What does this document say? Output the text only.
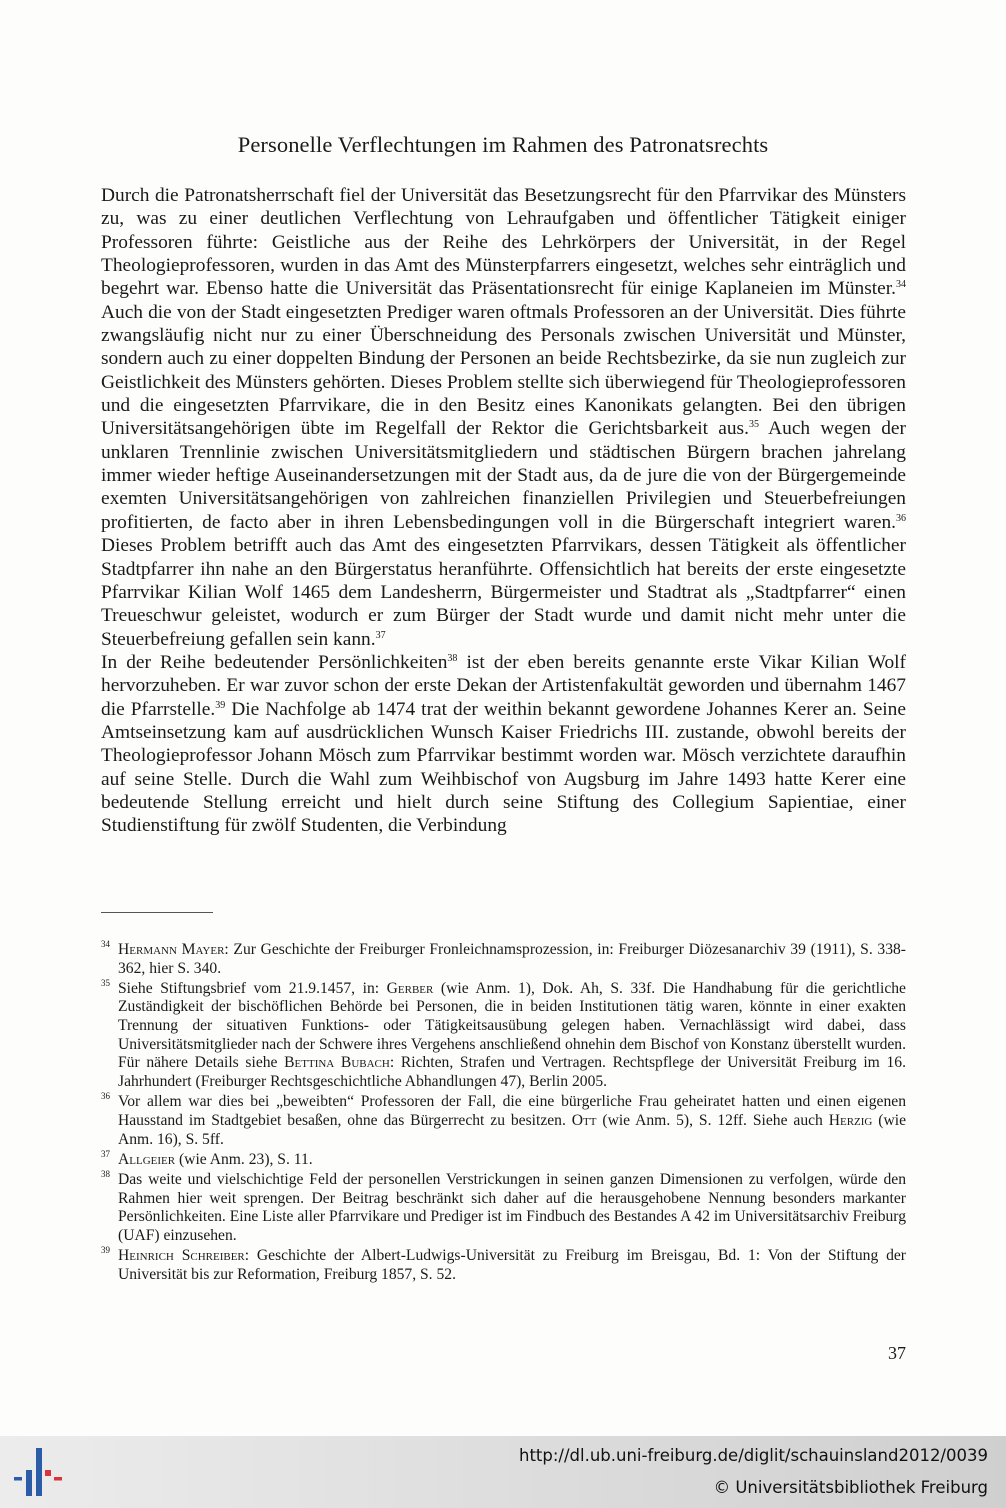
Personelle Verflechtungen im Rahmen des Patronatsrechts

Durch die Patronatsherrschaft fiel der Universität das Besetzungsrecht für den Pfarrvikar des Münsters zu, was zu einer deutlichen Verflechtung von Lehraufgaben und öffentlicher Tätigkeit einiger Professoren führte: Geistliche aus der Reihe des Lehrkörpers der Universität, in der Regel Theologieprofessoren, wurden in das Amt des Münsterpfarrers eingesetzt, welches sehr einträglich und begehrt war. Ebenso hatte die Universität das Präsentationsrecht für einige Kaplaneien im Münster.$^{34}$ Auch die von der Stadt eingesetzten Prediger waren oftmals Professoren an der Universität. Dies führte zwangsläufig nicht nur zu einer Überschneidung des Personals zwischen Universität und Münster, sondern auch zu einer doppelten Bindung der Personen an beide Rechtsbezirke, da sie nun zugleich zur Geistlichkeit des Münsters gehörten. Dieses Problem stellte sich überwiegend für Theologieprofessoren und die eingesetzten Pfarrvikare, die in den Besitz eines Kanonikats gelangten. Bei den übrigen Universitätsangehörigen übte im Regelfall der Rektor die Gerichtsbarkeit aus.$^{35}$ Auch wegen der unklaren Trennlinie zwischen Universitätsmitgliedern und städtischen Bürgern brachen jahrelang immer wieder heftige Auseinandersetzungen mit der Stadt aus, da de jure die von der Bürgergemeinde exemten Universitätsangehörigen von zahlreichen finanziellen Privilegien und Steuerbefreiungen profitierten, de facto aber in ihren Lebensbedingungen voll in die Bürgerschaft integriert waren.$^{36}$ Dieses Problem betrifft auch das Amt des eingesetzten Pfarrvikars, dessen Tätigkeit als öffentlicher Stadtpfarrer ihn nahe an den Bürgerstatus heranführte. Offensichtlich hat bereits der erste eingesetzte Pfarrvikar Kilian Wolf 1465 dem Landesherrn, Bürgermeister und Stadtrat als „Stadtpfarrer“ einen Treueschwur geleistet, wodurch er zum Bürger der Stadt wurde und damit nicht mehr unter die Steuerbefreiung gefallen sein kann.$^{37}$

In der Reihe bedeutender Persönlichkeiten$^{38}$ ist der eben bereits genannte erste Vikar Kilian Wolf hervorzuheben. Er war zuvor schon der erste Dekan der Artistenfakultät geworden und übernahm 1467 die Pfarrstelle.$^{39}$ Die Nachfolge ab 1474 trat der weithin bekannt gewordene Johannes Kerer an. Seine Amtseinsetzung kam auf ausdrücklichen Wunsch Kaiser Friedrichs III. zustande, obwohl bereits der Theologieprofessor Johann Mösch zum Pfarrvikar bestimmt worden war. Mösch verzichtete daraufhin auf seine Stelle. Durch die Wahl zum Weihbischof von Augsburg im Jahre 1493 hatte Kerer eine bedeutende Stellung erreicht und hielt durch seine Stiftung des Collegium Sapientiae, einer Studienstiftung für zwölf Studenten, die Verbindung

34 Hermann Mayer: Zur Geschichte der Freiburger Fronleichnamsprozession, in: Freiburger Diözesanarchiv 39 (1911), S. 338-362, hier S. 340.
35 Siehe Stiftungsbrief vom 21.9.1457, in: Gerber (wie Anm. 1), Dok. Ah, S. 33f. Die Handhabung für die gerichtliche Zuständigkeit der bischöflichen Behörde bei Personen, die in beiden Institutionen tätig waren, könnte in einer exakten Trennung der situativen Funktions- oder Tätigkeitsausübung gelegen haben. Vernachlässigt wird dabei, dass Universitätsmitglieder nach der Schwere ihres Vergehens anschließend ohnehin dem Bischof von Konstanz überstellt wurden. Für nähere Details siehe Bettina Bubach: Richten, Strafen und Vertragen. Rechtspflege der Universität Freiburg im 16. Jahrhundert (Freiburger Rechtsgeschichtliche Abhandlungen 47), Berlin 2005.
36 Vor allem war dies bei „beweibten“ Professoren der Fall, die eine bürgerliche Frau geheiratet hatten und einen eigenen Hausstand im Stadtgebiet besaßen, ohne das Bürgerrecht zu besitzen. Ott (wie Anm. 5), S. 12ff. Siehe auch Herzig (wie Anm. 16), S. 5ff.
37 Allgeier (wie Anm. 23), S. 11.
38 Das weite und vielschichtige Feld der personellen Verstrickungen in seinen ganzen Dimensionen zu verfolgen, würde den Rahmen hier weit sprengen. Der Beitrag beschränkt sich daher auf die herausgehobene Nennung besonders markanter Persönlichkeiten. Eine Liste aller Pfarrvikare und Prediger ist im Findbuch des Bestandes A 42 im Universitätsarchiv Freiburg (UAF) einzusehen.
39 Heinrich Schreiber: Geschichte der Albert-Ludwigs-Universität zu Freiburg im Breisgau, Bd. 1: Von der Stiftung der Universität bis zur Reformation, Freiburg 1857, S. 52.
37
http://dl.ub.uni-freiburg.de/diglit/schauinsland2012/0039
© Universitätsbibliothek Freiburg
